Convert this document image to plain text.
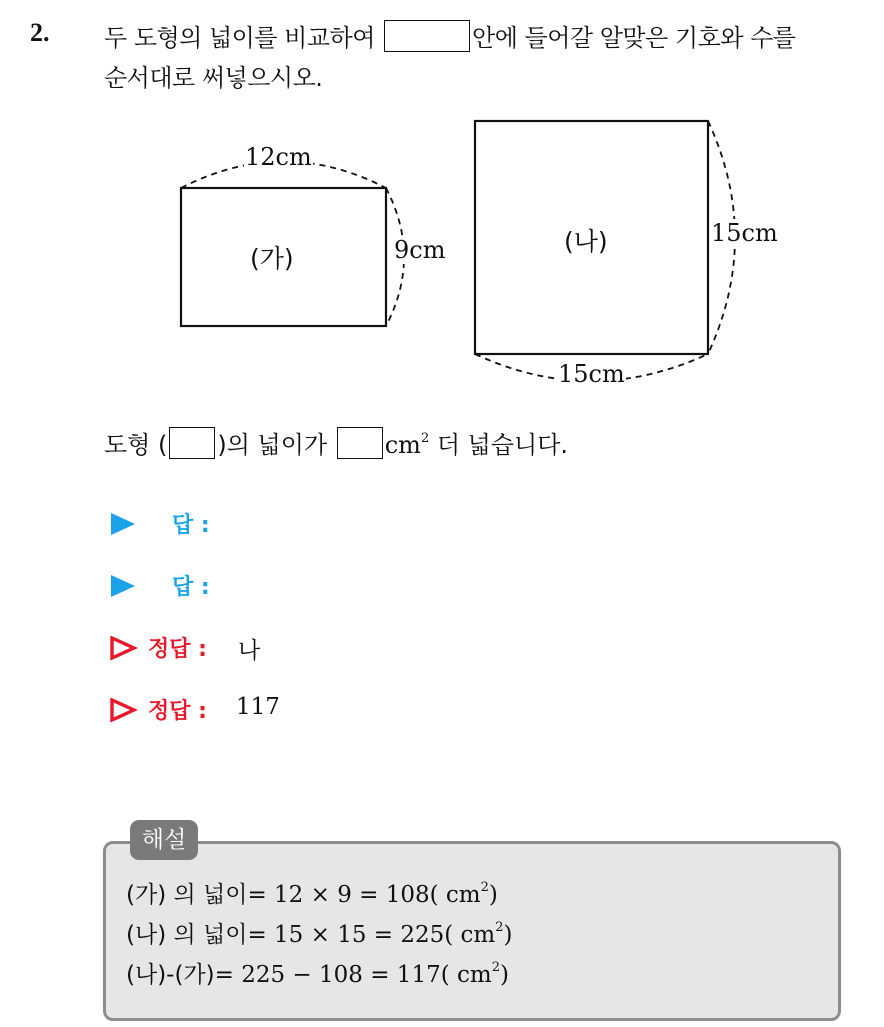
2. 두 도형의 넓이를 비교하여	안에 들어갈 알맞은 기호와 수를
순서대로 써넣으시오.
12cm
9cm
(가)
(나)	15cm
15cm
도형 ( )의 넓이가 $cm^2$ 더 넓습니다.
답 :
답 :
정답 : 나
정답 : 117
해설
(가) 의 넓이= 12 × 9 = 108( $cm^2$)
(나) 의 넓이= 15 × 15 = 225( $cm^2$)
(나)-(가)= 225 − 108 = 117( $cm^2$)
